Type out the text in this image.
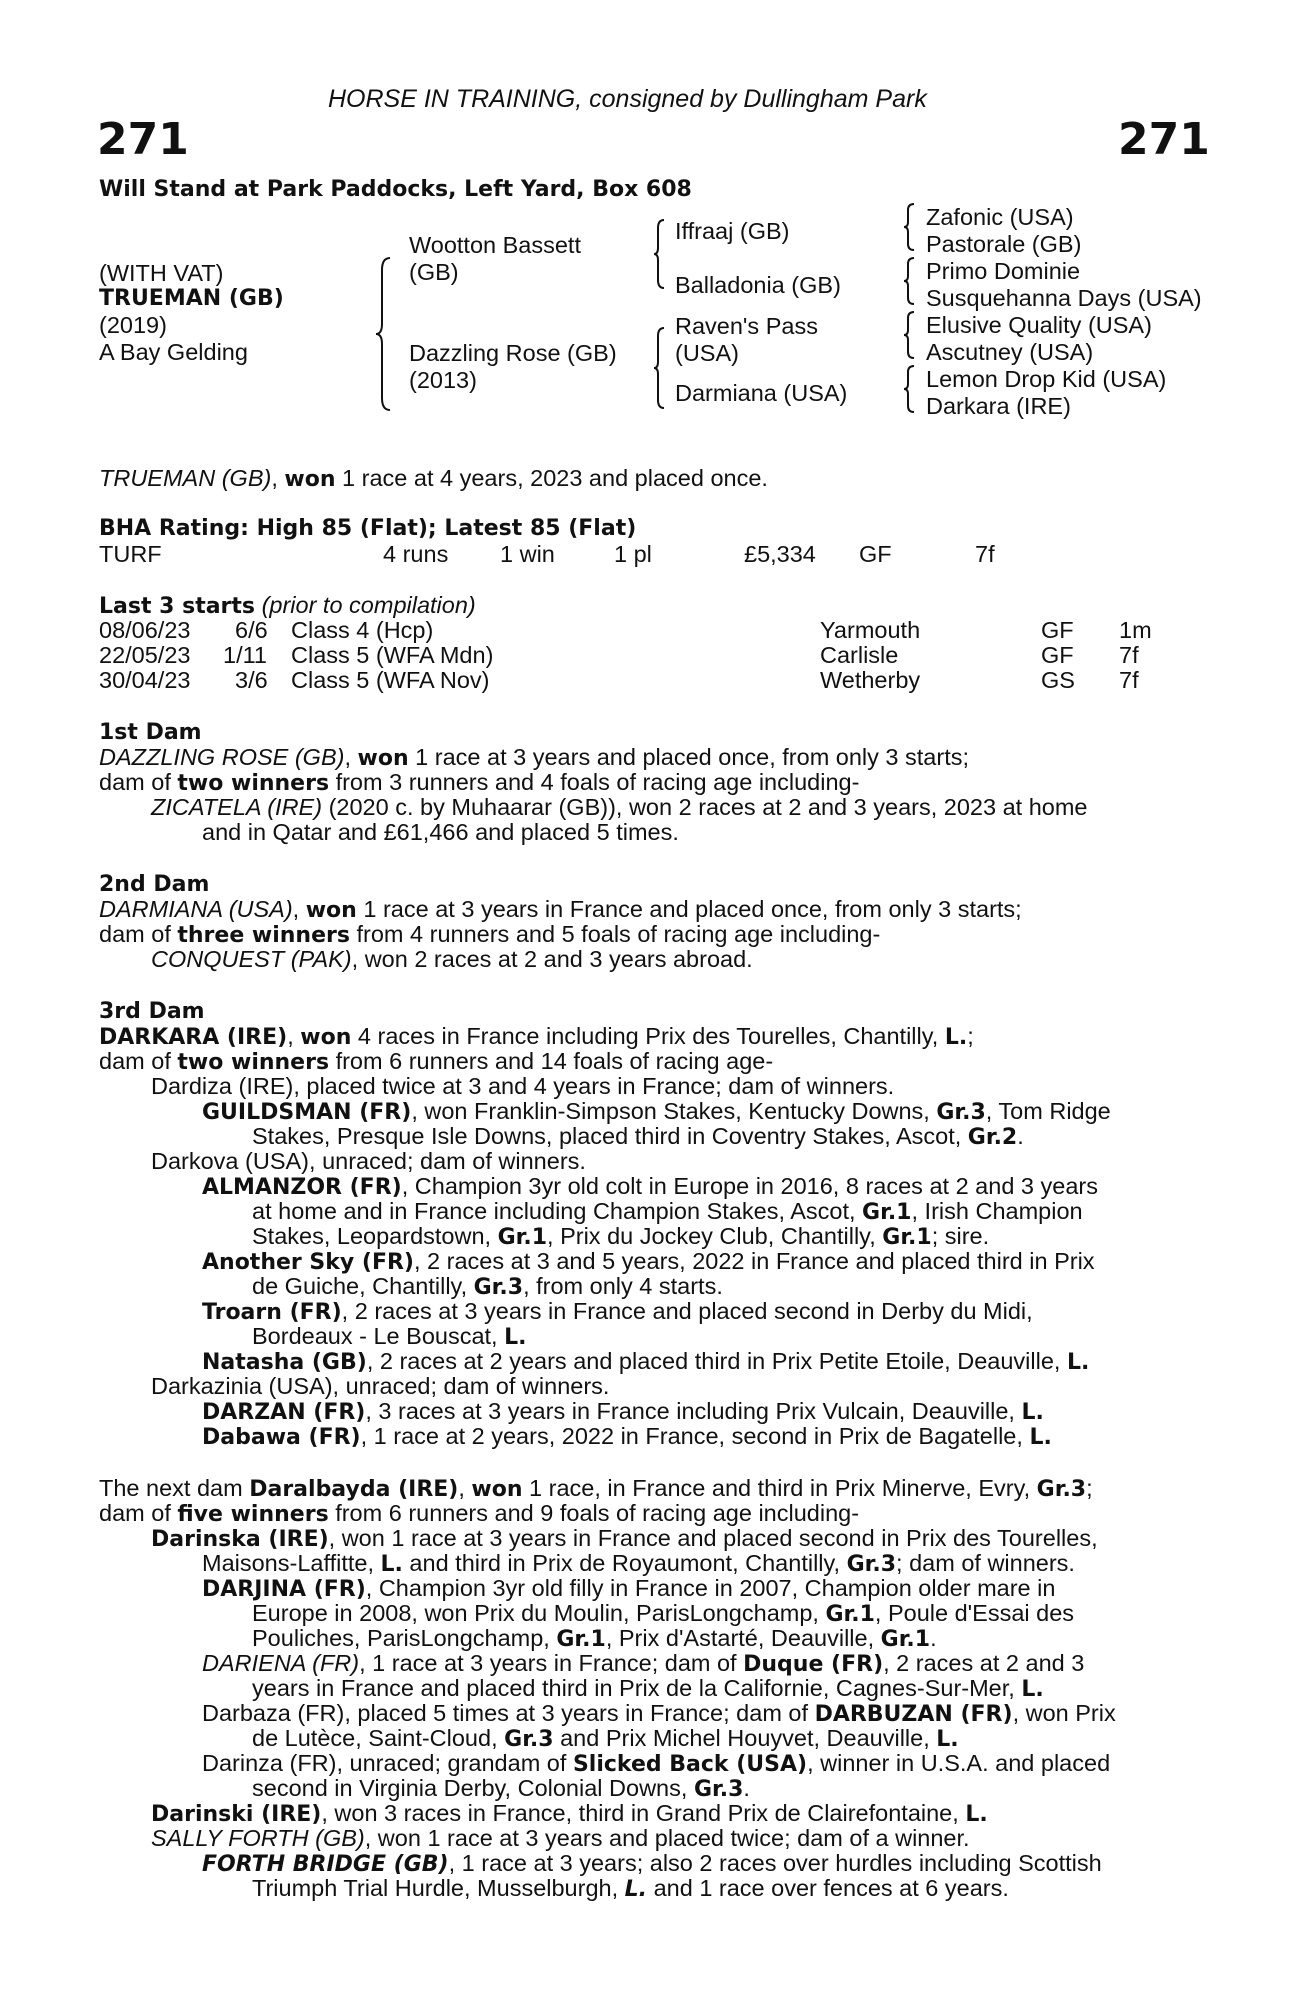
HORSE IN TRAINING, consigned by Dullingham Park
271	271
Will Stand at Park Paddocks, Left Yard, Box 608
(WITH VAT)
TRUEMAN (GB)
(2019)
A Bay Gelding
Wootton Bassett
(GB)
Dazzling Rose (GB)
(2013)
Iffraaj (GB)
Balladonia (GB)
Raven's Pass
(USA)
Darmiana (USA)
Zafonic (USA)
Pastorale (GB)
Primo Dominie
Susquehanna Days (USA)
Elusive Quality (USA)
Ascutney (USA)
Lemon Drop Kid (USA)
Darkara (IRE)
TRUEMAN (GB), won 1 race at 4 years, 2023 and placed once.
BHA Rating: High 85 (Flat); Latest 85 (Flat)
TURF	4 runs 1 win	1 pl	£5,334 GF	7f
Last 3 starts (prior to compilation)
08/06/23 6/6 Class 4 (Hcp)	Yarmouth	GF 1m
22/05/23 1/11 Class 5 (WFA Mdn)	Carlisle	GF 7f
30/04/23 3/6 Class 5 (WFA Nov)	Wetherby	GS 7f
1st Dam
DAZZLING ROSE (GB), won 1 race at 3 years and placed once, from only 3 starts;
dam of two winners from 3 runners and 4 foals of racing age including-
ZICATELA (IRE) (2020 c. by Muhaarar (GB)), won 2 races at 2 and 3 years, 2023 at home
and in Qatar and £61,466 and placed 5 times.
2nd Dam
DARMIANA (USA), won 1 race at 3 years in France and placed once, from only 3 starts;
dam of three winners from 4 runners and 5 foals of racing age including-
CONQUEST (PAK), won 2 races at 2 and 3 years abroad.
3rd Dam
DARKARA (IRE), won 4 races in France including Prix des Tourelles, Chantilly, L.;
dam of two winners from 6 runners and 14 foals of racing age-
Dardiza (IRE), placed twice at 3 and 4 years in France; dam of winners.
GUILDSMAN (FR), won Franklin-Simpson Stakes, Kentucky Downs, Gr.3, Tom Ridge
Stakes, Presque Isle Downs, placed third in Coventry Stakes, Ascot, Gr.2.
Darkova (USA), unraced; dam of winners.
ALMANZOR (FR), Champion 3yr old colt in Europe in 2016, 8 races at 2 and 3 years
at home and in France including Champion Stakes, Ascot, Gr.1, Irish Champion
Stakes, Leopardstown, Gr.1, Prix du Jockey Club, Chantilly, Gr.1; sire.
Another Sky (FR), 2 races at 3 and 5 years, 2022 in France and placed third in Prix
de Guiche, Chantilly, Gr.3, from only 4 starts.
Troarn (FR), 2 races at 3 years in France and placed second in Derby du Midi,
Bordeaux - Le Bouscat, L.
Natasha (GB), 2 races at 2 years and placed third in Prix Petite Etoile, Deauville, L.
Darkazinia (USA), unraced; dam of winners.
DARZAN (FR), 3 races at 3 years in France including Prix Vulcain, Deauville, L.
Dabawa (FR), 1 race at 2 years, 2022 in France, second in Prix de Bagatelle, L.
The next dam Daralbayda (IRE), won 1 race, in France and third in Prix Minerve, Evry, Gr.3;
dam of five winners from 6 runners and 9 foals of racing age including-
Darinska (IRE), won 1 race at 3 years in France and placed second in Prix des Tourelles,
Maisons-Laffitte, L. and third in Prix de Royaumont, Chantilly, Gr.3; dam of winners.
DARJINA (FR), Champion 3yr old filly in France in 2007, Champion older mare in
Europe in 2008, won Prix du Moulin, ParisLongchamp, Gr.1, Poule d'Essai des
Pouliches, ParisLongchamp, Gr.1, Prix d'Astarté, Deauville, Gr.1.
DARIENA (FR), 1 race at 3 years in France; dam of Duque (FR), 2 races at 2 and 3
years in France and placed third in Prix de la Californie, Cagnes-Sur-Mer, L.
Darbaza (FR), placed 5 times at 3 years in France; dam of DARBUZAN (FR), won Prix
de Lutèce, Saint-Cloud, Gr.3 and Prix Michel Houyvet, Deauville, L.
Darinza (FR), unraced; grandam of Slicked Back (USA), winner in U.S.A. and placed
second in Virginia Derby, Colonial Downs, Gr.3.
Darinski (IRE), won 3 races in France, third in Grand Prix de Clairefontaine, L.
SALLY FORTH (GB), won 1 race at 3 years and placed twice; dam of a winner.
FORTH BRIDGE (GB), 1 race at 3 years; also 2 races over hurdles including Scottish
Triumph Trial Hurdle, Musselburgh, L. and 1 race over fences at 6 years.
